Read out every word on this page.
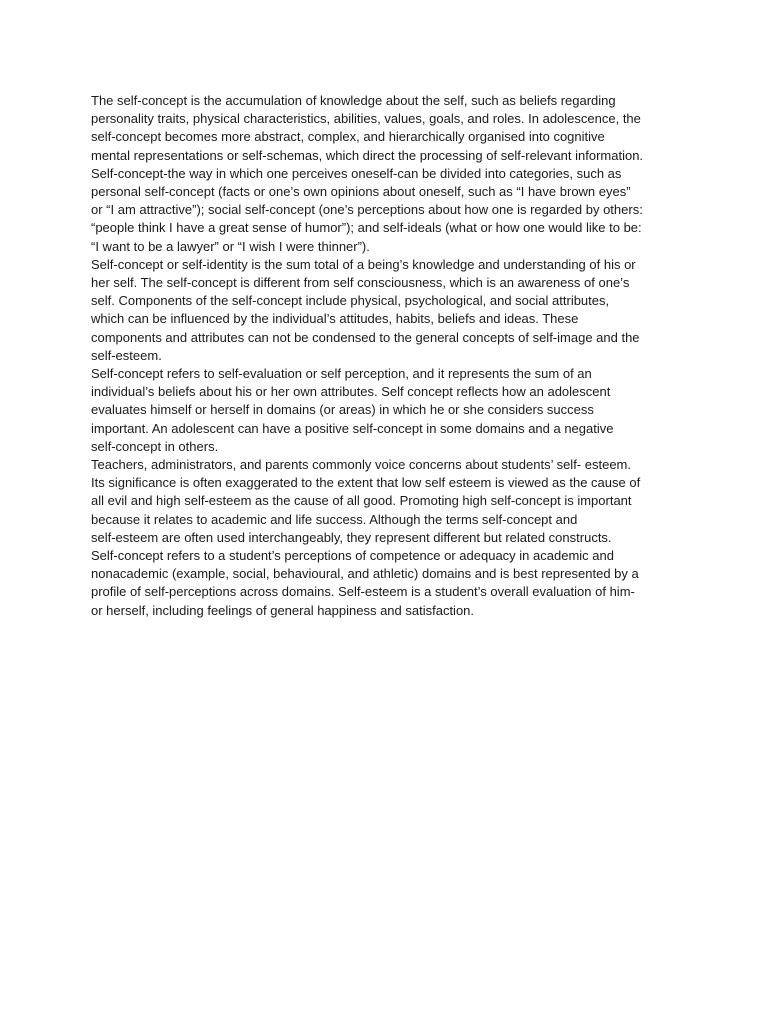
The self-concept is the accumulation of knowledge about the self, such as beliefs regarding
personality traits, physical characteristics, abilities, values, goals, and roles. In adolescence, the
self-concept becomes more abstract, complex, and hierarchically organised into cognitive
mental representations or self-schemas, which direct the processing of self-relevant information.
Self-concept-the way in which one perceives oneself-can be divided into categories, such as
personal self-concept (facts or one’s own opinions about oneself, such as “I have brown eyes”
or “I am attractive”); social self-concept (one’s perceptions about how one is regarded by others:
“people think I have a great sense of humor”); and self-ideals (what or how one would like to be:
“I want to be a lawyer” or “I wish I were thinner”).
Self-concept or self-identity is the sum total of a being’s knowledge and understanding of his or
her self. The self-concept is different from self consciousness, which is an awareness of one’s
self. Components of the self-concept include physical, psychological, and social attributes,
which can be influenced by the individual’s attitudes, habits, beliefs and ideas. These
components and attributes can not be condensed to the general concepts of self-image and the
self-esteem.
Self-concept refers to self-evaluation or self perception, and it represents the sum of an
individual’s beliefs about his or her own attributes. Self concept reflects how an adolescent
evaluates himself or herself in domains (or areas) in which he or she considers success
important. An adolescent can have a positive self-concept in some domains and a negative
self-concept in others.
Teachers, administrators, and parents commonly voice concerns about students’ self- esteem.
Its significance is often exaggerated to the extent that low self esteem is viewed as the cause of
all evil and high self-esteem as the cause of all good. Promoting high self-concept is important
because it relates to academic and life success. Although the terms self-concept and
self-esteem are often used interchangeably, they represent different but related constructs.
Self-concept refers to a student’s perceptions of competence or adequacy in academic and
nonacademic (example, social, behavioural, and athletic) domains and is best represented by a
profile of self-perceptions across domains. Self-esteem is a student’s overall evaluation of him-
or herself, including feelings of general happiness and satisfaction.
